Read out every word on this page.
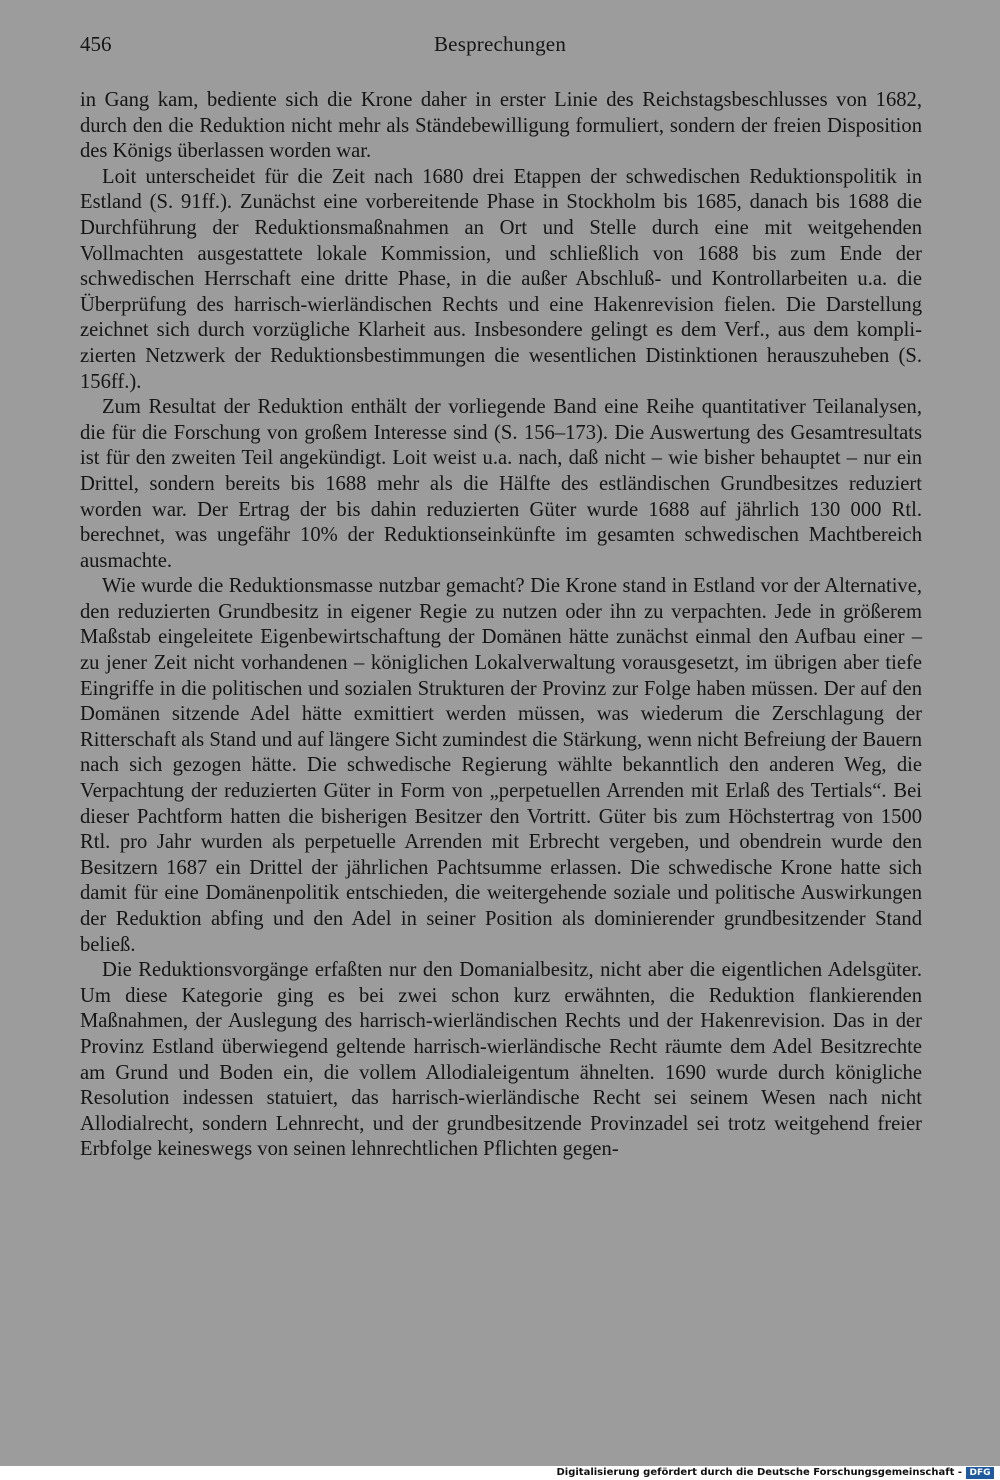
456	Besprechungen

in Gang kam, bediente sich die Krone daher in erster Linie des Reichstagsbeschlusses von 1682, durch den die Reduktion nicht mehr als Ständebewilligung formuliert, sondern der freien Disposition des Königs überlassen worden war.

Loit unterscheidet für die Zeit nach 1680 drei Etappen der schwedischen Reduktionspolitik in Estland (S. 91ff.). Zunächst eine vorbereitende Phase in Stockholm bis 1685, danach bis 1688 die Durchführung der Reduktionsmaßnahmen an Ort und Stelle durch eine mit weitgehenden Vollmachten ausgestattete lokale Kommission, und schließlich von 1688 bis zum Ende der schwedischen Herrschaft eine dritte Phase, in die außer Abschluß- und Kontrollarbeiten u.a. die Überprüfung des harrisch-wierländischen Rechts und eine Hakenrevision fielen. Die Darstellung zeichnet sich durch vorzügliche Klarheit aus. Insbesondere gelingt es dem Verf., aus dem komplizierten Netzwerk der Reduktionsbestimmungen die wesentlichen Distinktionen herauszuheben (S. 156ff.).

Zum Resultat der Reduktion enthält der vorliegende Band eine Reihe quantitativer Teilanalysen, die für die Forschung von großem Interesse sind (S. 156–173). Die Auswertung des Gesamtresultats ist für den zweiten Teil angekündigt. Loit weist u.a. nach, daß nicht – wie bisher behauptet – nur ein Drittel, sondern bereits bis 1688 mehr als die Hälfte des estländischen Grundbesitzes reduziert worden war. Der Ertrag der bis dahin reduzierten Güter wurde 1688 auf jährlich 130 000 Rtl. berechnet, was ungefähr 10% der Reduktionseinkünfte im gesamten schwedischen Machtbereich ausmachte.

Wie wurde die Reduktionsmasse nutzbar gemacht? Die Krone stand in Estland vor der Alternative, den reduzierten Grundbesitz in eigener Regie zu nutzen oder ihn zu verpachten. Jede in größerem Maßstab eingeleitete Eigenbewirtschaftung der Domänen hätte zunächst einmal den Aufbau einer – zu jener Zeit nicht vorhandenen – königlichen Lokalverwaltung vorausgesetzt, im übrigen aber tiefe Eingriffe in die politischen und sozialen Strukturen der Provinz zur Folge haben müssen. Der auf den Domänen sitzende Adel hätte exmittiert werden müssen, was wiederum die Zerschlagung der Ritterschaft als Stand und auf längere Sicht zumindest die Stärkung, wenn nicht Befreiung der Bauern nach sich gezogen hätte. Die schwedische Regierung wählte bekanntlich den anderen Weg, die Verpachtung der reduzierten Güter in Form von „perpetuellen Arrenden mit Erlaß des Tertials“. Bei dieser Pachtform hatten die bisherigen Besitzer den Vortritt. Güter bis zum Höchstertrag von 1500 Rtl. pro Jahr wurden als perpetuelle Arrenden mit Erbrecht vergeben, und obendrein wurde den Besitzern 1687 ein Drittel der jährlichen Pachtsumme erlassen. Die schwedische Krone hatte sich damit für eine Domänenpolitik entschieden, die weitergehende soziale und politische Auswirkungen der Reduktion abfing und den Adel in seiner Position als dominierender grundbesitzender Stand beließ.

Die Reduktionsvorgänge erfaßten nur den Domanialbesitz, nicht aber die eigentlichen Adelsgüter. Um diese Kategorie ging es bei zwei schon kurz erwähnten, die Reduktion flankierenden Maßnahmen, der Auslegung des harrisch-wierländischen Rechts und der Hakenrevision. Das in der Provinz Estland überwiegend geltende harrisch-wierländische Recht räumte dem Adel Besitzrechte am Grund und Boden ein, die vollem Allodialeigentum ähnelten. 1690 wurde durch königliche Resolution indessen statuiert, das harrisch-wierländische Recht sei seinem Wesen nach nicht Allodialrecht, sondern Lehnrecht, und der grundbesitzende Provinzadel sei trotz weitgehend freier Erbfolge keineswegs von seinen lehnrechtlichen Pflichten gegen-

Digitalisierung gefördert durch die Deutsche Forschungsgemeinschaft - DFG
